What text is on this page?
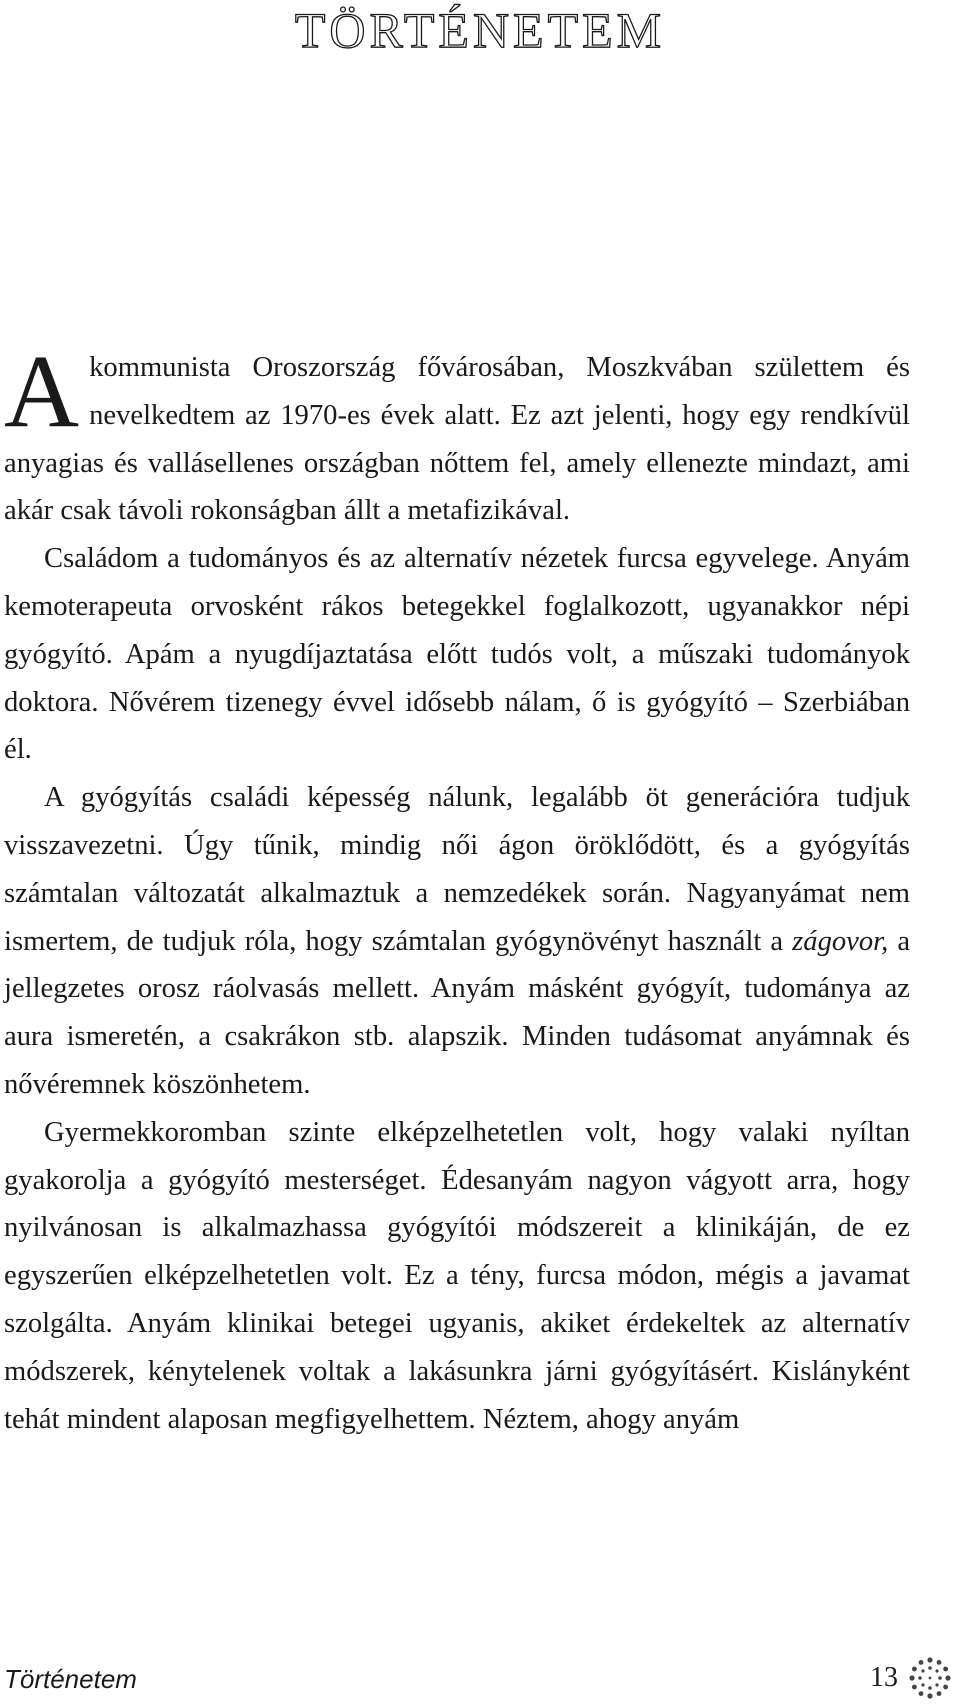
TÖRTÉNETEM

A kommunista Oroszország fővárosában, Moszkvában születtem és nevelkedtem az 1970-es évek alatt. Ez azt jelenti, hogy egy rendkívül anyagias és vallásellenes országban nőttem fel, amely ellenezte mindazt, ami akár csak távoli rokonságban állt a metafizikával.

Családom a tudományos és az alternatív nézetek furcsa egyvelege. Anyám kemoterapeuta orvosként rákos betegekkel foglalkozott, ugyanakkor népi gyógyító. Apám a nyugdíjaztatása előtt tudós volt, a műszaki tudományok doktora. Nővérem tizenegy évvel idősebb nálam, ő is gyógyító – Szerbiában él.

A gyógyítás családi képesség nálunk, legalább öt generációra tudjuk visszavezetni. Úgy tűnik, mindig női ágon öröklődött, és a gyógyítás számtalan változatát alkalmaztuk a nemzedékek során. Nagyanyámat nem ismertem, de tudjuk róla, hogy számtalan gyógynövényt használt a zágovor, a jellegzetes orosz ráolvasás mellett. Anyám másként gyógyít, tudománya az aura ismeretén, a csakrákon stb. alapszik. Minden tudásomat anyámnak és nővéremnek köszönhetem.

Gyermekkoromban szinte elképzelhetetlen volt, hogy valaki nyíltan gyakorolja a gyógyító mesterséget. Édesanyám nagyon vágyott arra, hogy nyilvánosan is alkalmazhassa gyógyítói módszereit a klinikáján, de ez egyszerűen elképzelhetetlen volt. Ez a tény, furcsa módon, mégis a javamat szolgálta. Anyám klinikai betegei ugyanis, akiket érdekeltek az alternatív módszerek, kénytelenek voltak a lakásunkra járni gyógyításért. Kislányként tehát mindent alaposan megfigyelhettem. Néztem, ahogy anyám

Történetem	13
